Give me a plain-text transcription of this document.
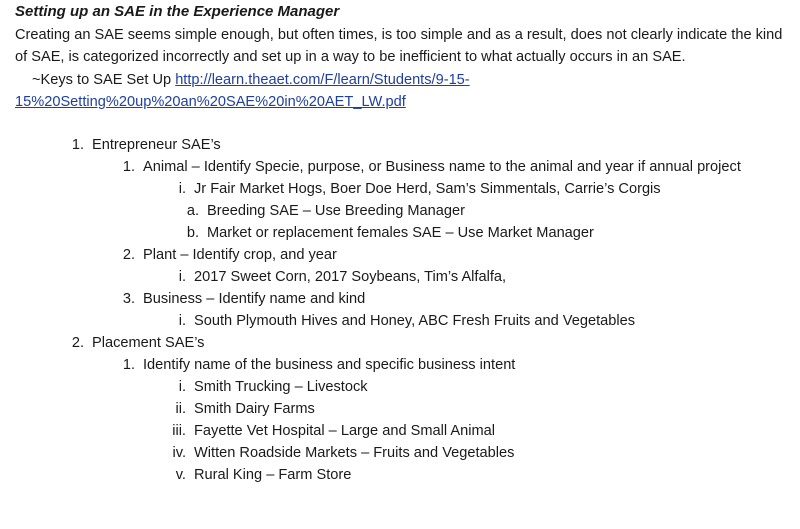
Setting up an SAE in the Experience Manager
Creating an SAE seems simple enough, but often times, is too simple and as a result, does not clearly indicate the kind of SAE, is categorized incorrectly and set up in a way to be inefficient to what actually occurs in an SAE.
~Keys to SAE Set Up http://learn.theaet.com/F/learn/Students/9-15-
15%20Setting%20up%20an%20SAE%20in%20AET_LW.pdf
1. Entrepreneur SAE’s
1. Animal – Identify Specie, purpose, or Business name to the animal and year if annual project
i. Jr Fair Market Hogs, Boer Doe Herd, Sam’s Simmentals, Carrie’s Corgis
a. Breeding SAE – Use Breeding Manager
b. Market or replacement females SAE – Use Market Manager
2. Plant – Identify crop, and year
i. 2017 Sweet Corn, 2017 Soybeans, Tim’s Alfalfa,
3. Business – Identify name and kind
i. South Plymouth Hives and Honey, ABC Fresh Fruits and Vegetables
2. Placement SAE’s
1. Identify name of the business and specific business intent
i. Smith Trucking – Livestock
ii. Smith Dairy Farms
iii. Fayette Vet Hospital – Large and Small Animal
iv. Witten Roadside Markets – Fruits and Vegetables
v. Rural King – Farm Store
